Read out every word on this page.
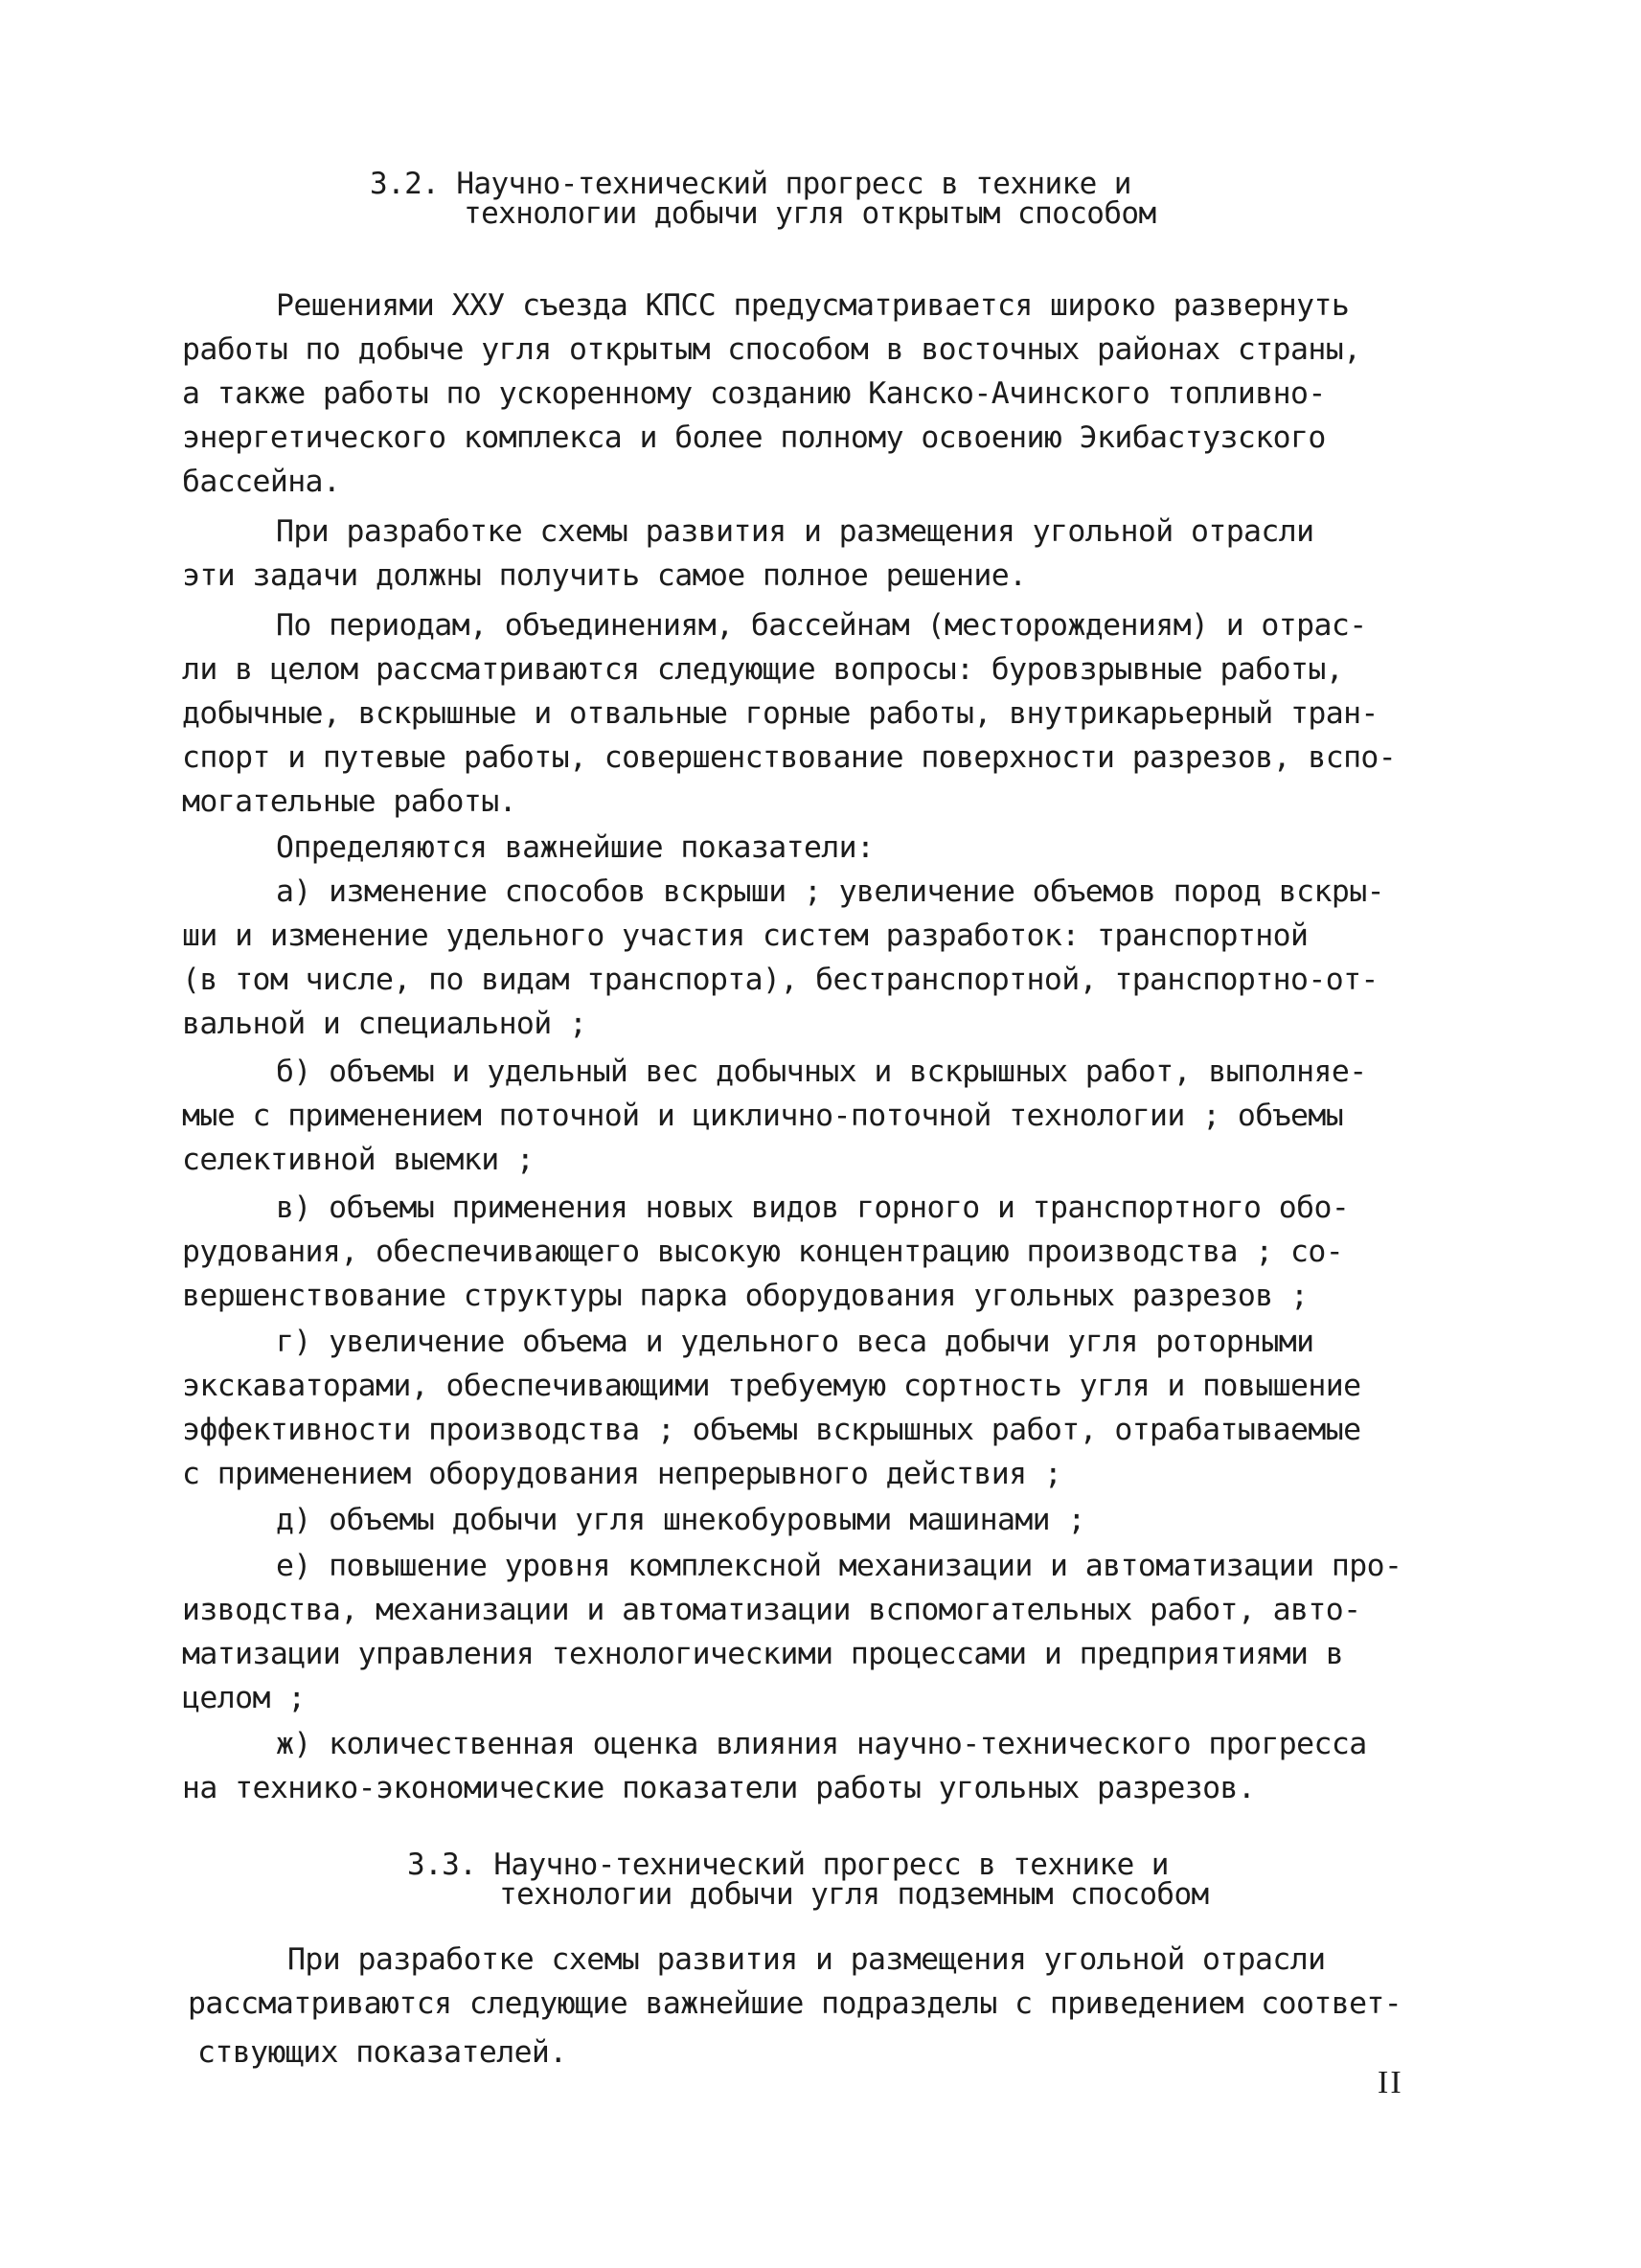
3.2. Научно-технический прогресс в технике и
технологии добычи угля открытым способом

Решениями ХХУ съезда КПСС предусматривается широко развернуть

работы по добыче угля открытым способом в восточных районах страны,

а также работы по ускоренному созданию Канско-Ачинского топливно-

энергетического комплекса и более полному освоению Экибастузского

бассейна.

При разработке схемы развития и размещения угольной отрасли

эти задачи должны получить самое полное решение.

По периодам, объединениям, бассейнам (месторождениям) и отрас-

ли в целом рассматриваются следующие вопросы: буровзрывные работы,

добычные, вскрышные и отвальные горные работы, внутрикарьерный тран-

спорт и путевые работы, совершенствование поверхности разрезов, вспо-

могательные работы.

Определяются важнейшие показатели:

а) изменение способов вскрыши ; увеличение объемов пород вскры-

ши и изменение удельного участия систем разработок: транспортной

(в том числе, по видам транспорта), бестранспортной, транспортно-от-

вальной и специальной ;

б) объемы и удельный вес добычных и вскрышных работ, выполняе-

мые с применением поточной и циклично-поточной технологии ; объемы

селективной выемки ;

в) объемы применения новых видов горного и транспортного обо-

рудования, обеспечивающего высокую концентрацию производства ; со-

вершенствование структуры парка оборудования угольных разрезов ;

г) увеличение объема и удельного веса добычи угля роторными

экскаваторами, обеспечивающими требуемую сортность угля и повышение

эффективности производства ; объемы вскрышных работ, отрабатываемые

с применением оборудования непрерывного действия ;

д) объемы добычи угля шнекобуровыми машинами ;

е) повышение уровня комплексной механизации и автоматизации про-

изводства, механизации и автоматизации вспомогательных работ, авто-

матизации управления технологическими процессами и предприятиями в

целом ;

ж) количественная оценка влияния научно-технического прогресса

на технико-экономические показатели работы угольных разрезов.

3.3. Научно-технический прогресс в технике и
технологии добычи угля подземным способом

При разработке схемы развития и размещения угольной отрасли

рассматриваются следующие важнейшие подразделы с приведением соответ-

ствующих показателей.

II
